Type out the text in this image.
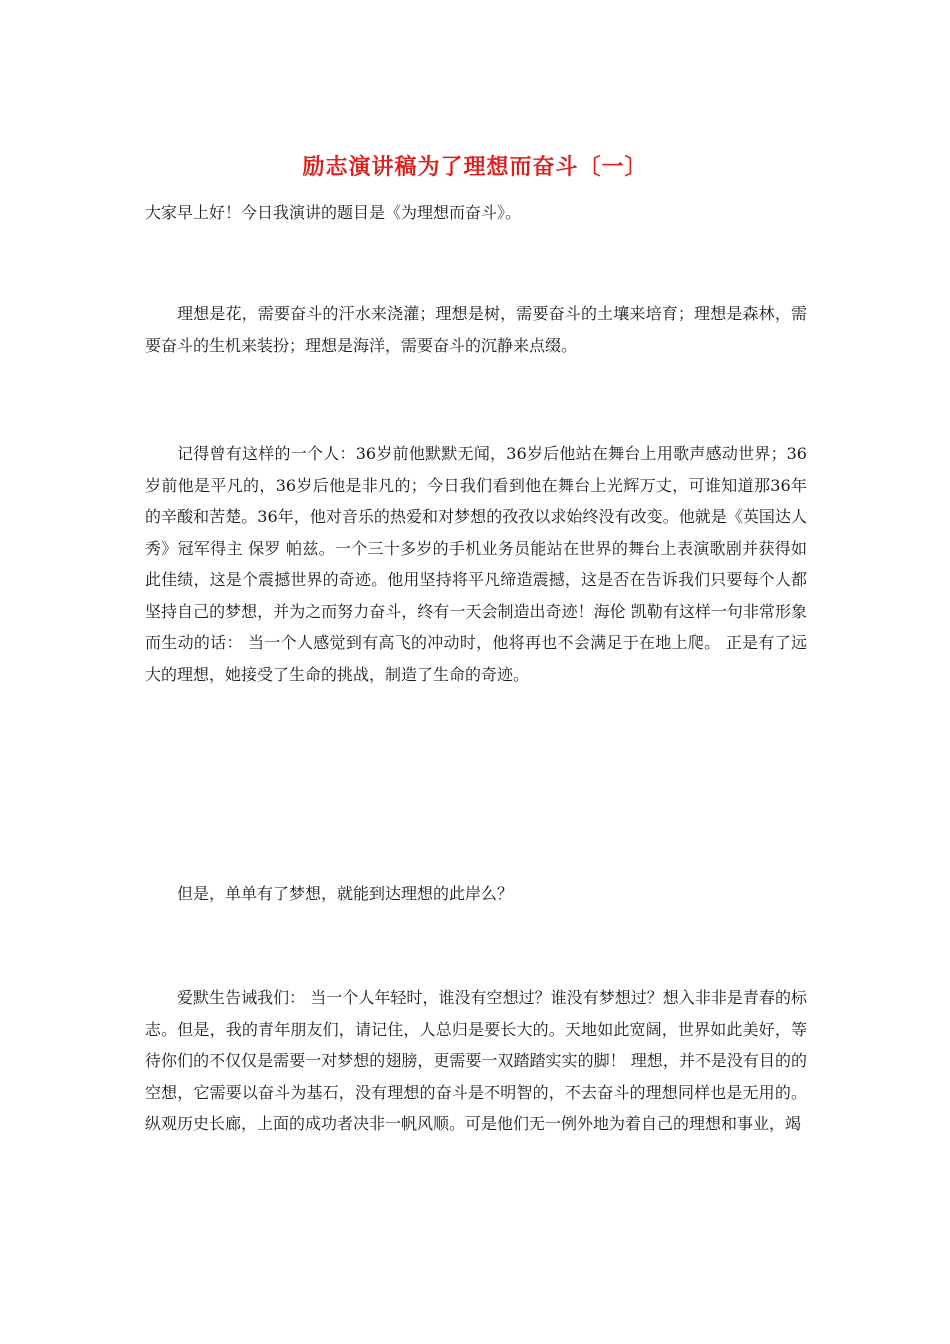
励志演讲稿为了理想而奋斗〔一〕

大家早上好！今日我演讲的题目是《为理想而奋斗》。

理想是花，需要奋斗的汗水来浇灌；理想是树，需要奋斗的土壤来培育；理想是森林，需要奋斗的生机来装扮；理想是海洋，需要奋斗的沉静来点缀。

记得曾有这样的一个人：36岁前他默默无闻，36岁后他站在舞台上用歌声感动世界；36岁前他是平凡的，36岁后他是非凡的；今日我们看到他在舞台上光辉万丈，可谁知道那36年的辛酸和苦楚。36年，他对音乐的热爱和对梦想的孜孜以求始终没有改变。他就是《英国达人秀》冠军得主 保罗 帕兹。一个三十多岁的手机业务员能站在世界的舞台上表演歌剧并获得如此佳绩，这是个震撼世界的奇迹。他用坚持将平凡缔造震撼，这是否在告诉我们只要每个人都坚持自己的梦想，并为之而努力奋斗，终有一天会制造出奇迹！海伦 凯勒有这样一句非常形象而生动的话： 当一个人感觉到有高飞的冲动时，他将再也不会满足于在地上爬。 正是有了远大的理想，她接受了生命的挑战，制造了生命的奇迹。

但是，单单有了梦想，就能到达理想的此岸么？

爱默生告诫我们： 当一个人年轻时，谁没有空想过？谁没有梦想过？想入非非是青春的标志。但是，我的青年朋友们，请记住，人总归是要长大的。天地如此宽阔，世界如此美好，等待你们的不仅仅是需要一对梦想的翅膀，更需要一双踏踏实实的脚！ 理想，并不是没有目的的空想，它需要以奋斗为基石，没有理想的奋斗是不明智的，不去奋斗的理想同样也是无用的。纵观历史长廊，上面的成功者决非一帆风顺。可是他们无一例外地为着自己的理想和事业，竭
